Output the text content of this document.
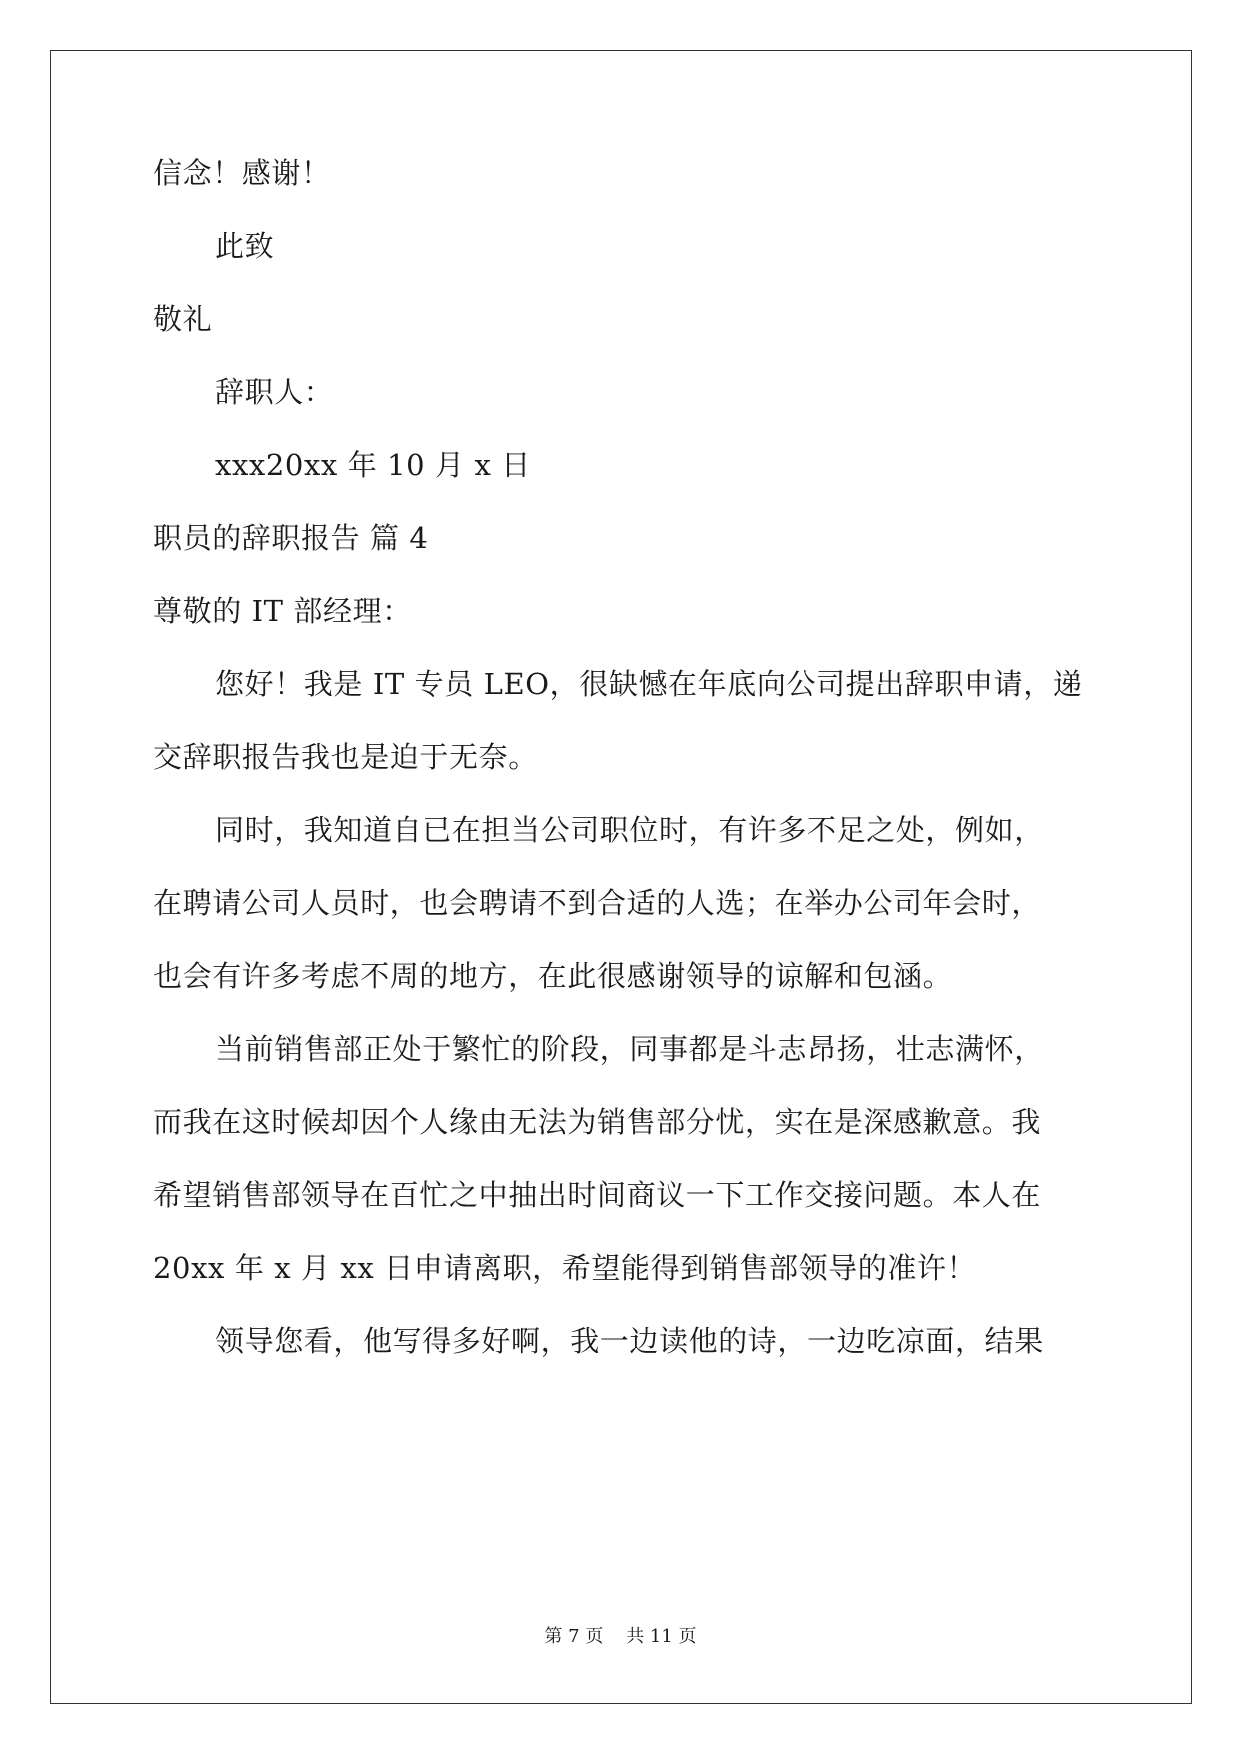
信念！感谢！
此致
敬礼
辞职人：
xxx20xx 年 10 月 x 日
职员的辞职报告 篇 4
尊敬的 IT 部经理：
您好！我是 IT 专员 LEO，很缺憾在年底向公司提出辞职申请，递
交辞职报告我也是迫于无奈。
同时，我知道自已在担当公司职位时，有许多不足之处，例如，
在聘请公司人员时，也会聘请不到合适的人选；在举办公司年会时，
也会有许多考虑不周的地方，在此很感谢领导的谅解和包涵。
当前销售部正处于繁忙的阶段，同事都是斗志昂扬，壮志满怀，
而我在这时候却因个人缘由无法为销售部分忧，实在是深感歉意。我
希望销售部领导在百忙之中抽出时间商议一下工作交接问题。本人在
20xx 年 x 月 xx 日申请离职，希望能得到销售部领导的准许！
领导您看，他写得多好啊，我一边读他的诗，一边吃凉面，结果
第 7 页    共 11 页
